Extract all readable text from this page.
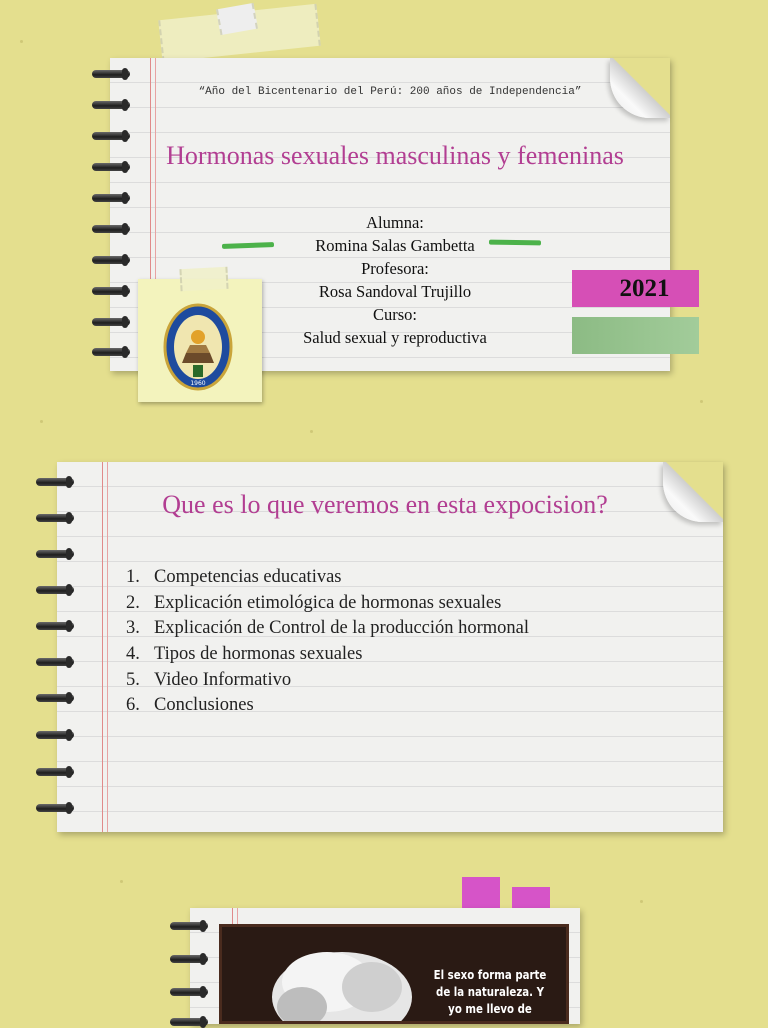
“Año del Bicentenario del Perú: 200 años de Independencia”
Hormonas sexuales masculinas y femeninas
Alumna:
Romina Salas Gambetta
Profesora:
Rosa Sandoval Trujillo
Curso:
Salud sexual y reproductiva
2021
1960
Que es lo que veremos en esta expocision?
1. Competencias educativas
2. Explicación etimológica de hormonas sexuales
3. Explicación de Control de la producción hormonal
4. Tipos de hormonas sexuales
5. Video Informativo
6. Conclusiones
El sexo forma parte
de la naturaleza. Y
yo me llevo de
